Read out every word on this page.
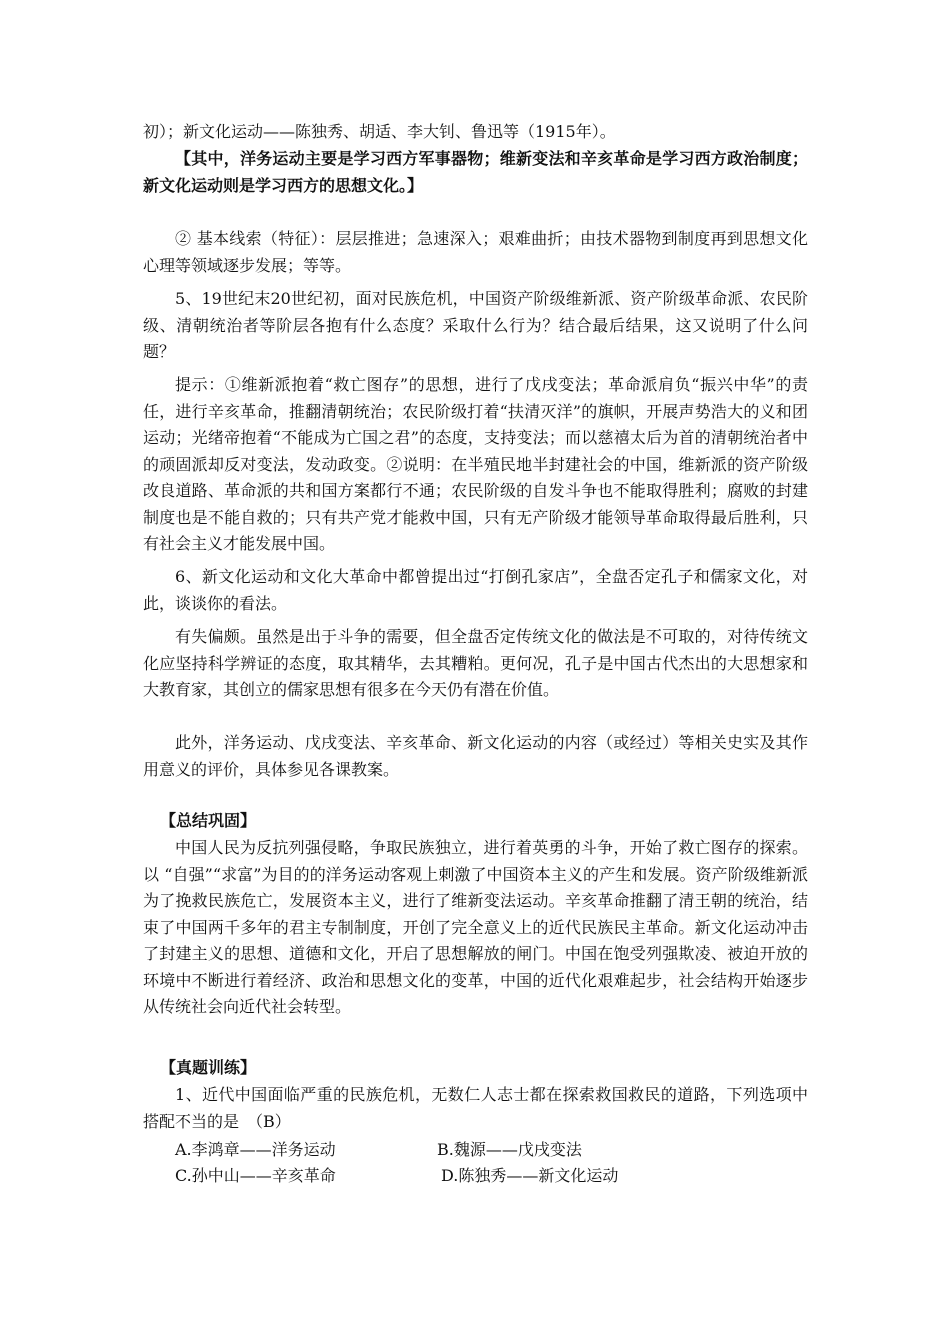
初）；新文化运动——陈独秀、胡适、李大钊、鲁迅等（1915年）。

【其中，洋务运动主要是学习西方军事器物；维新变法和辛亥革命是学习西方政治制度；新文化运动则是学习西方的思想文化。】

② 基本线索（特征）：层层推进；急速深入；艰难曲折；由技术器物到制度再到思想文化心理等领域逐步发展；等等。

5、19世纪末20世纪初，面对民族危机，中国资产阶级维新派、资产阶级革命派、农民阶级、清朝统治者等阶层各抱有什么态度？采取什么行为？结合最后结果，这又说明了什么问题？

提示：①维新派抱着“救亡图存”的思想，进行了戊戌变法；革命派肩负“振兴中华”的责任，进行辛亥革命，推翻清朝统治；农民阶级打着“扶清灭洋”的旗帜，开展声势浩大的义和团运动；光绪帝抱着“不能成为亡国之君”的态度，支持变法；而以慈禧太后为首的清朝统治者中的顽固派却反对变法，发动政变。②说明：在半殖民地半封建社会的中国，维新派的资产阶级改良道路、革命派的共和国方案都行不通；农民阶级的自发斗争也不能取得胜利；腐败的封建制度也是不能自救的；只有共产党才能救中国，只有无产阶级才能领导革命取得最后胜利，只有社会主义才能发展中国。

6、新文化运动和文化大革命中都曾提出过“打倒孔家店”，全盘否定孔子和儒家文化，对此，谈谈你的看法。

有失偏颇。虽然是出于斗争的需要，但全盘否定传统文化的做法是不可取的，对待传统文化应坚持科学辨证的态度，取其精华，去其糟粕。更何况，孔子是中国古代杰出的大思想家和大教育家，其创立的儒家思想有很多在今天仍有潜在价值。

此外，洋务运动、戊戌变法、辛亥革命、新文化运动的内容（或经过）等相关史实及其作用意义的评价，具体参见各课教案。

【总结巩固】

中国人民为反抗列强侵略，争取民族独立，进行着英勇的斗争，开始了救亡图存的探索。以 “自强”“求富”为目的的洋务运动客观上刺激了中国资本主义的产生和发展。资产阶级维新派为了挽救民族危亡，发展资本主义，进行了维新变法运动。辛亥革命推翻了清王朝的统治，结束了中国两千多年的君主专制制度，开创了完全意义上的近代民族民主革命。新文化运动冲击了封建主义的思想、道德和文化，开启了思想解放的闸门。中国在饱受列强欺凌、被迫开放的环境中不断进行着经济、政治和思想文化的变革，中国的近代化艰难起步，社会结构开始逐步从传统社会向近代社会转型。

【真题训练】

1、近代中国面临严重的民族危机，无数仁人志士都在探索救国救民的道路，下列选项中搭配不当的是　（B）

A.李鸿章——洋务运动	B.魏源——戊戌变法

C.孙中山——辛亥革命	D.陈独秀——新文化运动
